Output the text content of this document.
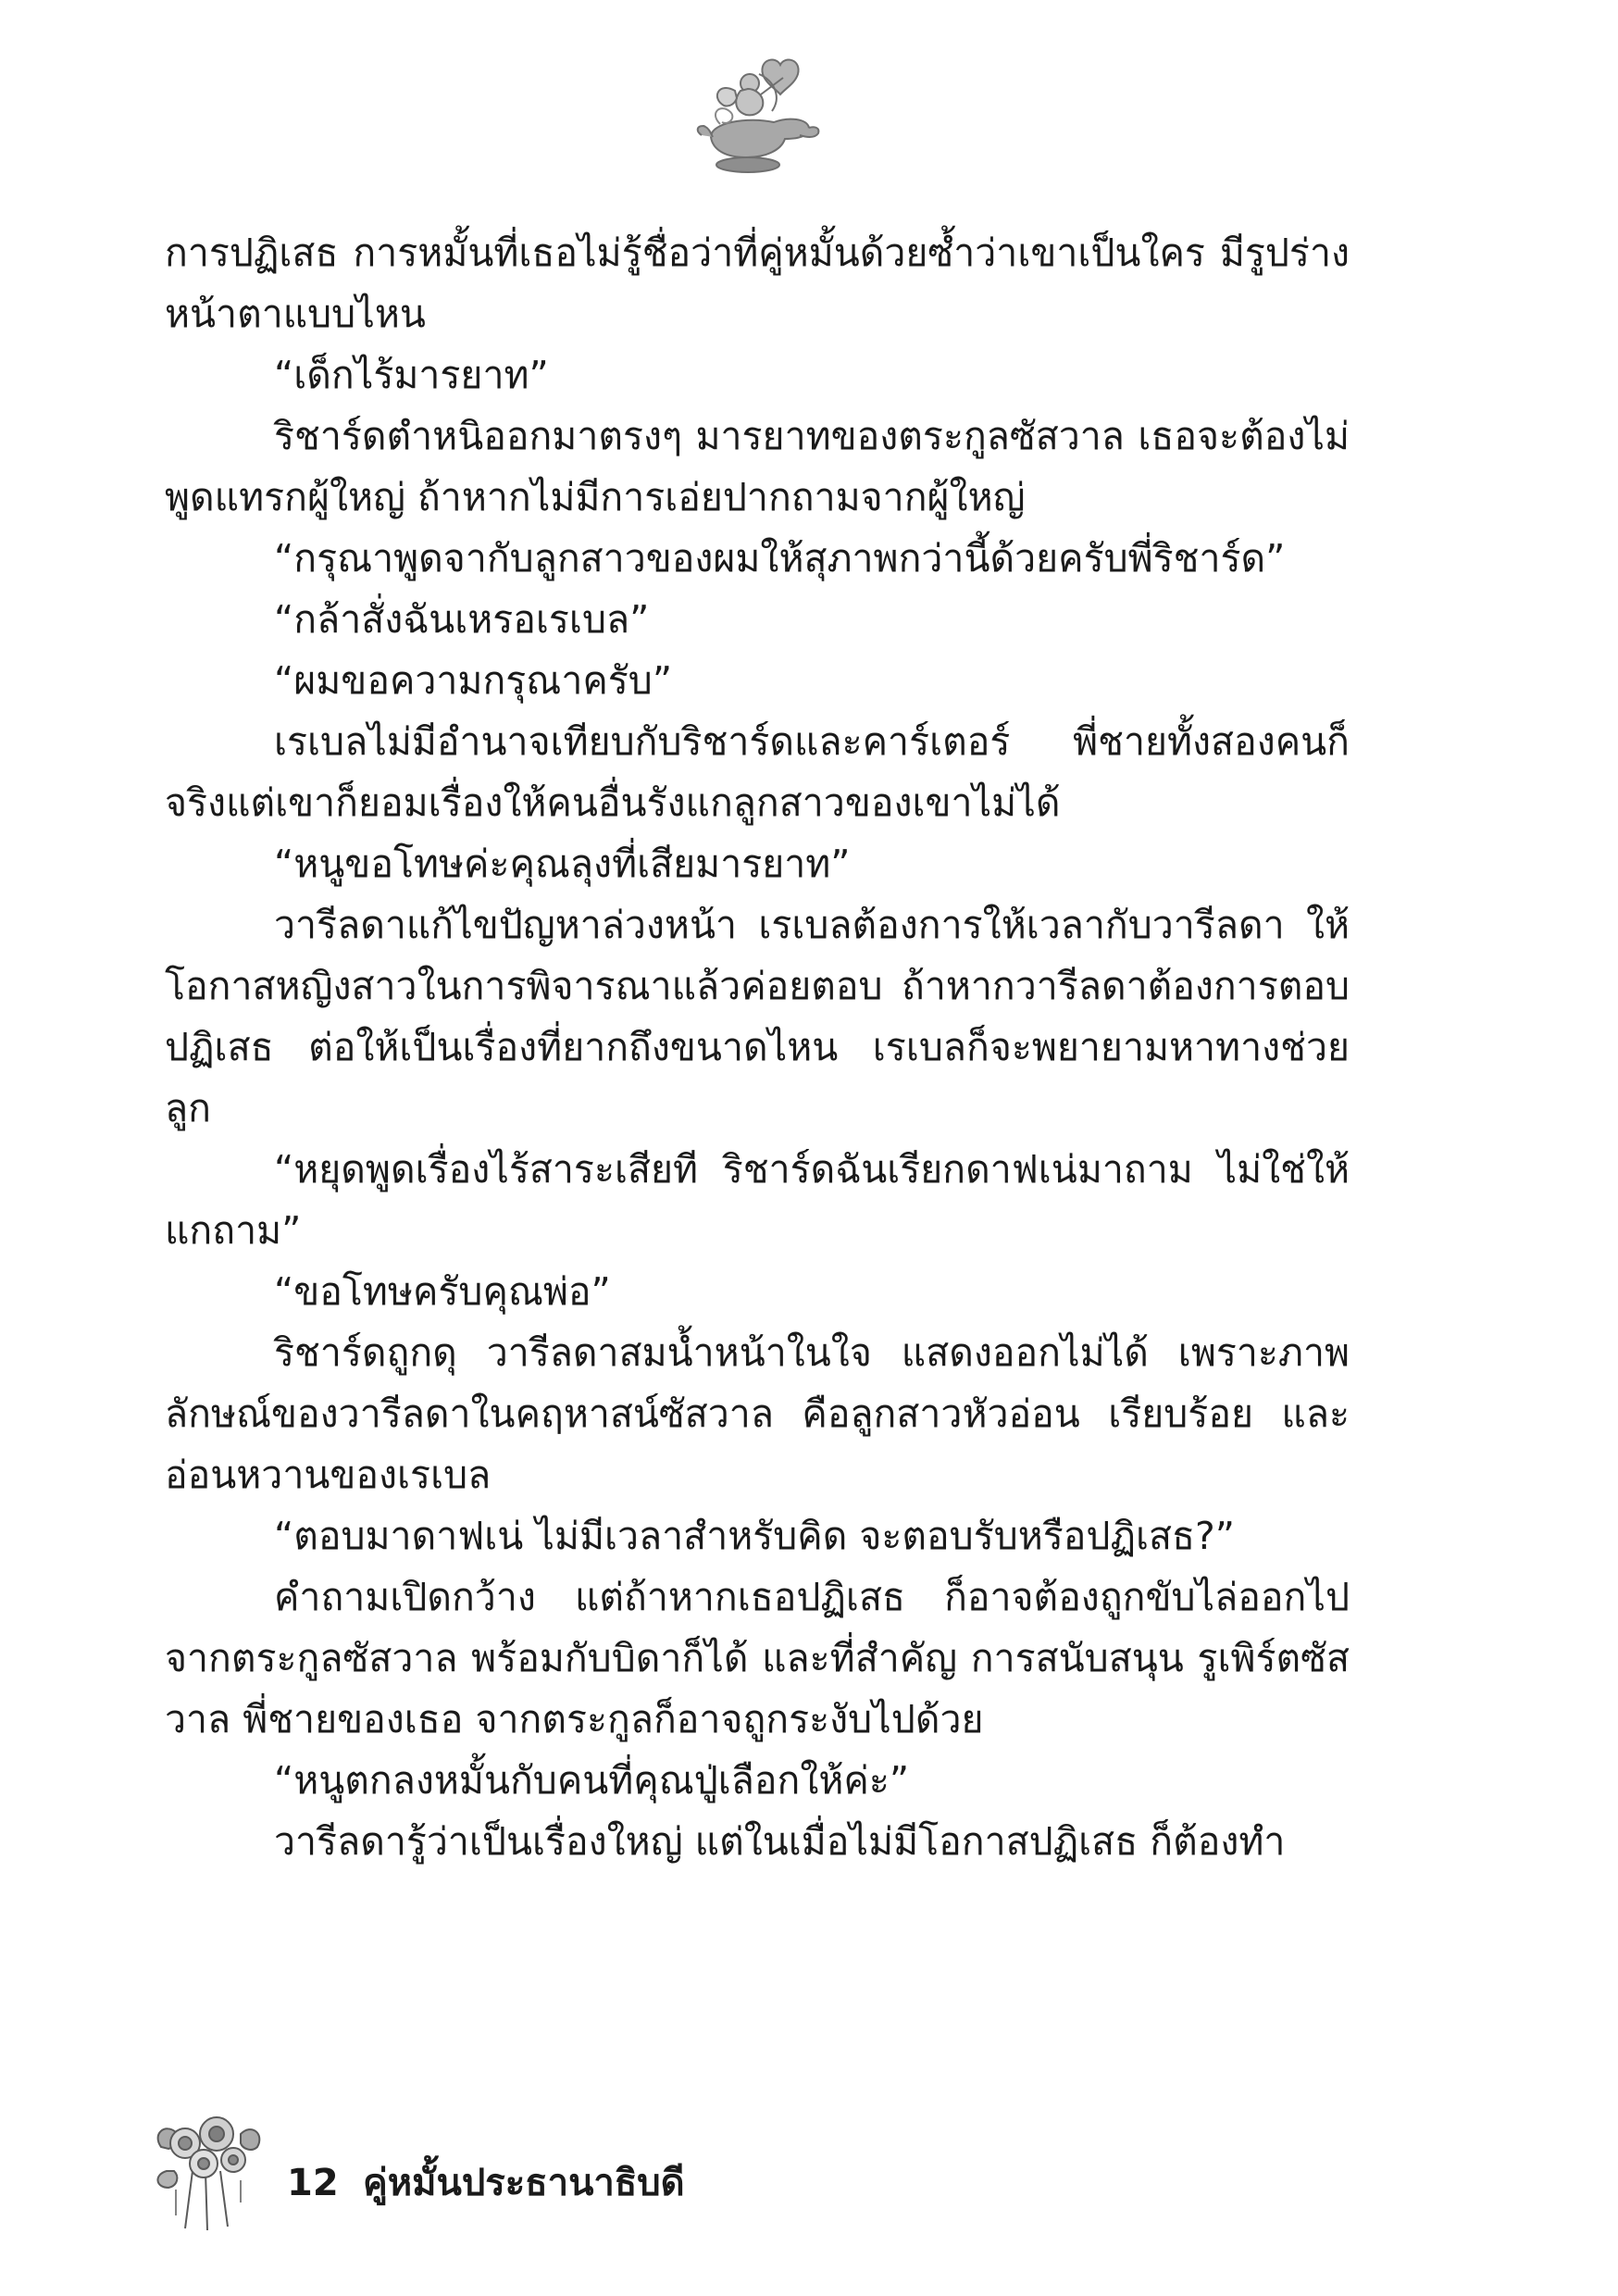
การปฏิเสธ การหมั้นที่เธอไม่รู้ชื่อว่าที่คู่หมั้นด้วยซ้ำว่าเขาเป็นใคร มีรูปร่างหน้าตาแบบไหน

“เด็กไร้มารยาท”

ริชาร์ดตำหนิออกมาตรงๆ มารยาทของตระกูลซัสวาล เธอจะต้องไม่พูดแทรกผู้ใหญ่ ถ้าหากไม่มีการเอ่ยปากถามจากผู้ใหญ่

“กรุณาพูดจากับลูกสาวของผมให้สุภาพกว่านี้ด้วยครับพี่ริชาร์ด”

“กล้าสั่งฉันเหรอเรเบล”

“ผมขอความกรุณาครับ”

เรเบลไม่มีอำนาจเทียบกับริชาร์ดและคาร์เตอร์ พี่ชายทั้งสองคนก็จริงแต่เขาก็ยอมเรื่องให้คนอื่นรังแกลูกสาวของเขาไม่ได้

“หนูขอโทษค่ะคุณลุงที่เสียมารยาท”

วารีลดาแก้ไขปัญหาล่วงหน้า เรเบลต้องการให้เวลากับวารีลดา ให้โอกาสหญิงสาวในการพิจารณาแล้วค่อยตอบ ถ้าหากวารีลดาต้องการตอบปฏิเสธ ต่อให้เป็นเรื่องที่ยากถึงขนาดไหน เรเบลก็จะพยายามหาทางช่วยลูก

“หยุดพูดเรื่องไร้สาระเสียที ริชาร์ดฉันเรียกดาฟเน่มาถาม ไม่ใช่ให้แกถาม”

“ขอโทษครับคุณพ่อ”

ริชาร์ดถูกดุ วารีลดาสมน้ำหน้าในใจ แสดงออกไม่ได้ เพราะภาพลักษณ์ของวารีลดาในคฤหาสน์ซัสวาล คือลูกสาวหัวอ่อน เรียบร้อย และอ่อนหวานของเรเบล

“ตอบมาดาฟเน่ ไม่มีเวลาสำหรับคิด จะตอบรับหรือปฏิเสธ?”

คำถามเปิดกว้าง แต่ถ้าหากเธอปฏิเสธ ก็อาจต้องถูกขับไล่ออกไปจากตระกูลซัสวาล พร้อมกับบิดาก็ได้ และที่สำคัญ การสนับสนุน รูเพิร์ตซัสวาล พี่ชายของเธอ จากตระกูลก็อาจถูกระงับไปด้วย

“หนูตกลงหมั้นกับคนที่คุณปู่เลือกให้ค่ะ”

วารีลดารู้ว่าเป็นเรื่องใหญ่ แต่ในเมื่อไม่มีโอกาสปฏิเสธ ก็ต้องทำ

12 คู่หมั้นประธานาธิบดี
